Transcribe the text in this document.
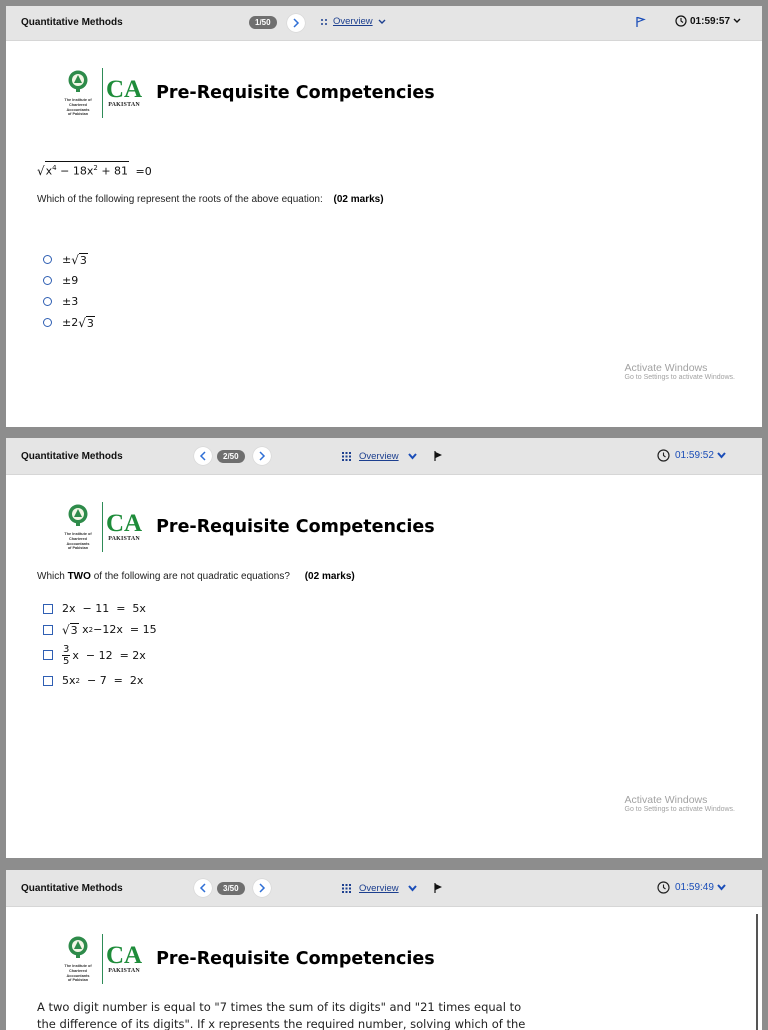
Quantitative Methods	1/50	Overview	01:59:57
The Institute of
Chartered Accountants
of Pakistan
CA
PAKISTAN
Pre-Requisite Competencies
√ $x^4 - 18x^2 + 81 =0$
Which of the following represent the roots of the above equation: (02 marks)
± √ 3
±9
±3
±2 √ 3
Activate Windows
Go to Settings to activate Windows.
Quantitative Methods	2/50	Overview	01:59:52
The Institute of
Chartered Accountants
of Pakistan
CA
PAKISTAN
Pre-Requisite Competencies
Which TWO of the following are not quadratic equations? (02 marks)
2x  − 11  =  5x
√ 3 x 2 −12x  = 15
$\frac{3}{5}$ x  − 12  = 2x
5x 2 − 7  =  2x
Activate Windows
Go to Settings to activate Windows.
Quantitative Methods	3/50	Overview	01:59:49
The Institute of
Chartered Accountants
of Pakistan
CA
PAKISTAN
Pre-Requisite Competencies
A two digit number is equal to "7 times the sum of its digits" and "21 times equal to
the difference of its digits". If x represents the required number, solving which of the
